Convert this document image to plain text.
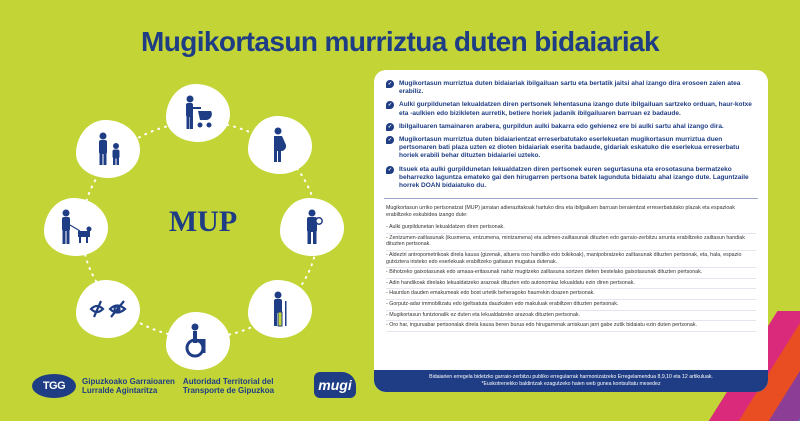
Mugikortasun murriztua duten bidaiariak
MUP
✓ Mugikortasun murriztua duten bidaiariak ibilgailuan sartu eta bertatik jaitsi ahal izango dira erosoen zaien atea erabiliz.
✓ Aulki gurpildunetan lekualdatzen diren pertsonek lehentasuna izango dute ibilgailuan sartzeko orduan, haur-kotxe eta -aulkien edo bizikleten aurretik, betiere horiek jadanik ibilgailuaren barruan ez badaude.
✓ Ibilgailuaren tamainaren arabera, gurpildun aulki bakarra edo gehienez ere bi aulki sartu ahal izango dira.
✓ Mugikortasun murriztua duten bidaiarientzat erreserbatutako eserlekuetan mugikortasun murriztua duen pertsonaren bati plaza uzten ez dioten bidaiariak eserita badaude, gidariak eskatuko die eserlekua erreserbatu horiek erabili behar dituzten bidaiariei uzteko.
✓ Itsuek eta aulki gurpildunetan lekualdatzen diren pertsonek euren segurtasuna eta erosotasuna bermatzeko beharrezko laguntza emateko gai den hirugarren pertsona batek lagunduta bidaiatu ahal izango dute. Laguntzaile horrek DOAN bidaiatuko du.
Mugikortasun urriko pertsonatzat (MUP) jarraian adierazitakoak hartuko dira eta ibilgailuen barruan beraientzat erreserbatutako plazak eta espazioak erabiltzeko eskubidea izango dute:
- Aulki gurpildunetan lekualdatzen diren pertsonak.
- Zentzumen-zailtasunak (ikusmena, entzumena, mintzamena) eta adimen-zailtasunak dituzten edo garraio-zerbitzu arrunta erabiltzeko zailtasun handiak dituzten pertsonak.
- Aldeztri antropometrikoak direla kausa (gizenak, altuera oso handiko edo txikikoak), manipobratzeko zailtasunak dituzten pertsonak, eta, hala, espazio gutxiztera iristeko edo eserlekuak erabiltzeko gaitasun mugatua dutenak.
- Bihotzeko gaixotasunak edo arnasa-eritasunak nahiz mugitzeko zailtasuna sortzen dieten bestelako gaixotasunak dituzten pertsonak.
- Adin handikoak direlako lekualdatzeko arazoak dituzten edo autonomiaz lekualdatu ezin diren pertsonak.
- Haurdun dauden emakumeak edo bost urtetik beheragoko haurrekin doazen pertsonak.
- Gorputz-adar immobilizatu edo igeltsatuta dauzkaten edo makuluak erabiltzen dituzten pertsonak.
- Mugikortasun funtzionalik ez duten eta lekualdatzeko arazoak dituzten pertsonak.
- Oro har, inguruabar pertsonalak direla kausa beren burua edo hirugarrenak arriskuan jarri gabe zutik bidaiatu ezin duten pertsonak.
Bidaiarien erregela bidetzko garraio-zerbitzu publiko erregularrak harmonizatzeko Erregelamendua 8,9,10 eta 12 artikuluak.
*Euskotrenekko baldintzak ezagutzeko haien web gunea kontsultatu mesedez
TGG	Gipuzkoako Garraioaren Autoridad Territorial del
Lurralde Agintaritza	Transporte de Gipuzkoa	mugi
